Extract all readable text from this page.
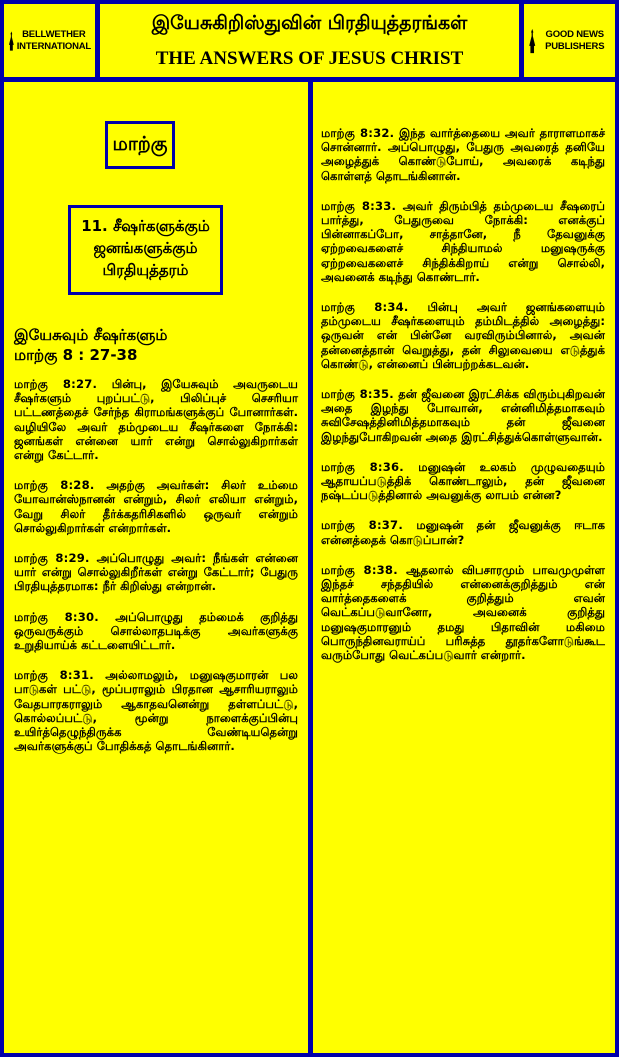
BELLWETHER INTERNATIONAL
இயேசுகிறிஸ்துவின் பிரதியுத்தரங்கள்
THE ANSWERS OF JESUS CHRIST
GOOD NEWS PUBLISHERS
மாற்கு
11. சீஷர்களுக்கும்
ஜனங்களுக்கும்
பிரதியுத்தரம்
இயேசுவும் சீஷர்களும்
மாற்கு 8 : 27-38

மாற்கு 8:27. பின்பு, இயேசுவும் அவருடைய சீஷர்களும் புறப்பட்டு, பிலிப்புச் செசரியா பட்டணத்தைச் சேர்ந்த கிராமங்களுக்குப் போனார்கள். வழியிலே அவர் தம்முடைய சீஷர்களை நோக்கி: ஜனங்கள் என்னை யார் என்று சொல்லுகிறார்கள் என்று கேட்டார்.

மாற்கு 8:28. அதற்கு அவர்கள்: சிலர் உம்மை யோவான்ஸ்நானன் என்றும், சிலர் எலியா என்றும், வேறு சிலர் தீர்க்கதரிசிகளில் ஒருவர் என்றும் சொல்லுகிறார்கள் என்றார்கள்.

மாற்கு 8:29. அப்பொழுது அவர்: நீங்கள் என்னை யார் என்று சொல்லுகிறீர்கள் என்று கேட்டார்; பேதுரு பிரதியுத்தரமாக: நீர் கிறிஸ்து என்றான்.

மாற்கு 8:30. அப்பொழுது தம்மைக் குறித்து ஒருவருக்கும் சொல்லாதபடிக்கு அவர்களுக்கு உறுதியாய்க் கட்டளையிட்டார்.

மாற்கு 8:31. அல்லாமலும், மனுஷகுமாரன் பல பாடுகள் பட்டு, மூப்பராலும் பிரதான ஆசாரியராலும் வேதபாரகராலும் ஆகாதவனென்று தள்ளப்பட்டு, கொல்லப்பட்டு, மூன்று நாளைக்குப்பின்பு உயிர்த்தெழுந்திருக்க வேண்டியதென்று அவர்களுக்குப் போதிக்கத் தொடங்கினார்.

மாற்கு 8:32. இந்த வார்த்தையை அவர் தாராளமாகச் சொன்னார். அப்பொழுது, பேதுரு அவரைத் தனியே அழைத்துக் கொண்டுபோய், அவரைக் கடிந்து கொள்ளத் தொடங்கினான்.

மாற்கு 8:33. அவர் திரும்பித் தம்முடைய சீஷரைப் பார்த்து, பேதுருவை நோக்கி: எனக்குப் பின்னாகப்போ, சாத்தானே, நீ தேவனுக்கு ஏற்றவைகளைச் சிந்தியாமல் மனுஷருக்கு ஏற்றவைகளைச் சிந்திக்கிறாய் என்று சொல்லி, அவனைக் கடிந்து கொண்டார்.

மாற்கு 8:34. பின்பு அவர் ஜனங்களையும் தம்முடைய சீஷர்களையும் தம்மிடத்தில் அழைத்து: ஒருவன் என் பின்னே வரவிரும்பினால், அவன் தன்னைத்தான் வெறுத்து, தன் சிலுவையை எடுத்துக் கொண்டு, என்னைப் பின்பற்றக்கடவன்.

மாற்கு 8:35. தன் ஜீவனை இரட்சிக்க விரும்புகிறவன் அதை இழந்து போவான், என்னிமித்தமாகவும் சுவிசேஷத்தினிமித்தமாகவும் தன் ஜீவனை இழந்துபோகிறவன் அதை இரட்சித்துக்கொள்ளுவான்.

மாற்கு 8:36. மனுஷன் உலகம் முழுவதையும் ஆதாயப்படுத்திக் கொண்டாலும், தன் ஜீவனை நஷ்டப்படுத்தினால் அவனுக்கு லாபம் என்ன?

மாற்கு 8:37. மனுஷன் தன் ஜீவனுக்கு ஈடாக என்னத்தைக் கொடுப்பான்?

மாற்கு 8:38. ஆதலால் விபசாரமும் பாவமுமுள்ள இந்தச் சந்ததியில் என்னைக்குறித்தும் என் வார்த்தைகளைக் குறித்தும் எவன் வெட்கப்படுவானோ, அவனைக் குறித்து மனுஷகுமாரனும் தமது பிதாவின் மகிமை பொருந்தினவராய்ப் பரிசுத்த தூதர்களோடுங்கூட வரும்போது வெட்கப்படுவார் என்றார்.
